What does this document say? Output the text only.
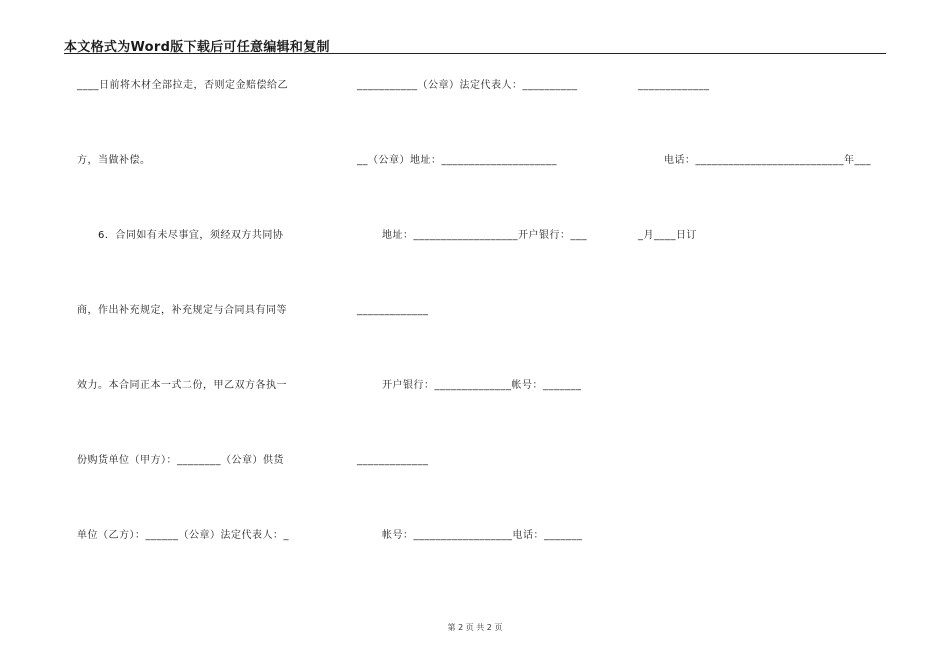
本文格式为Word版下载后可任意编辑和复制
____日前将木材全部拉走，否则定金赔偿给乙
方，当做补偿。
6．合同如有未尽事宜，须经双方共同协
商，作出补充规定，补充规定与合同具有同等
效力。本合同正本一式二份，甲乙双方各执一
份购货单位（甲方）：________（公章）供货
单位（乙方）：______（公章）法定代表人：_
___________（公章）法定代表人：__________
__（公章）地址：_____________________
地址：___________________开户银行：___
_____________
开户银行：______________帐号：_______
_____________
帐号：__________________电话：_______
_____________
电话：___________________________年___
_月____日订
第 2 页 共 2 页
